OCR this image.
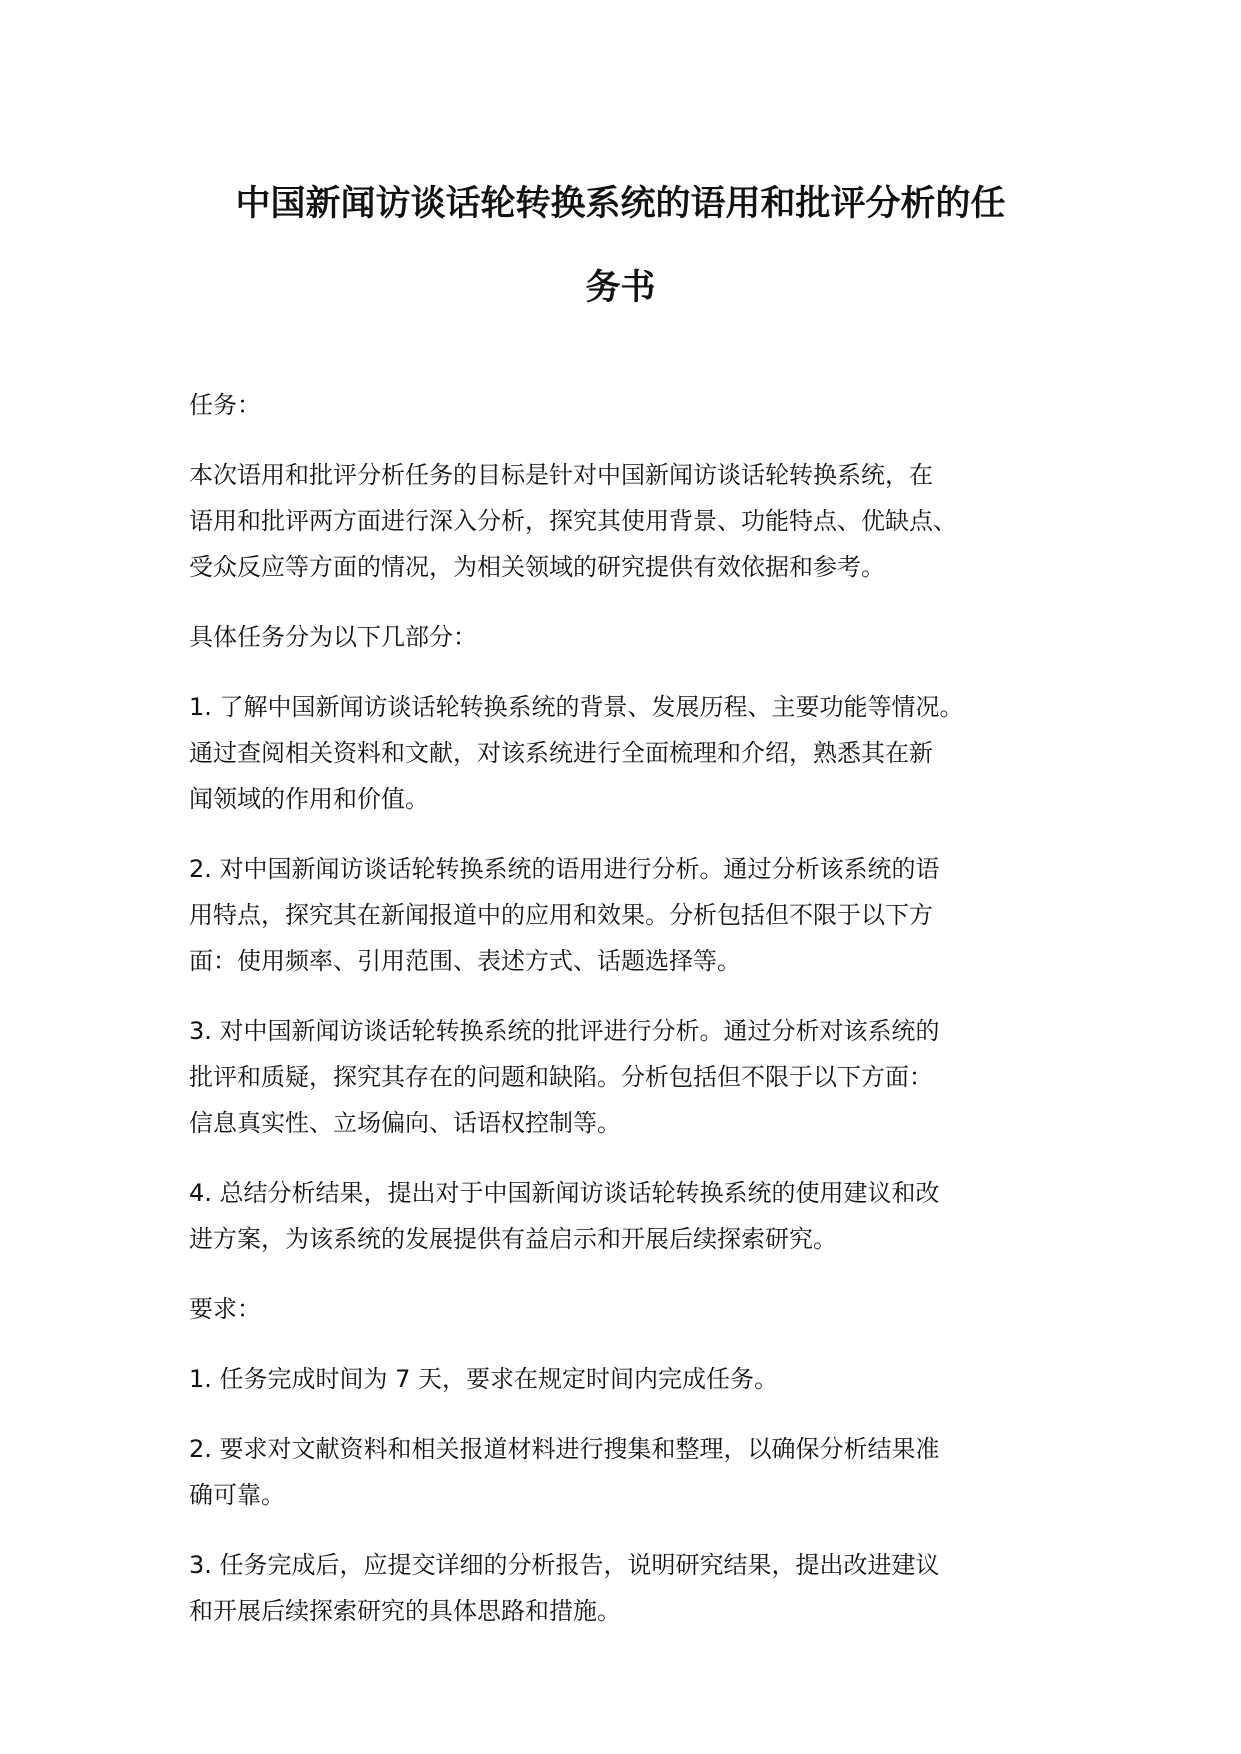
中国新闻访谈话轮转换系统的语用和批评分析的任
务书

任务：

本次语用和批评分析任务的目标是针对中国新闻访谈话轮转换系统，在
语用和批评两方面进行深入分析，探究其使用背景、功能特点、优缺点、
受众反应等方面的情况，为相关领域的研究提供有效依据和参考。

具体任务分为以下几部分：

1. 了解中国新闻访谈话轮转换系统的背景、发展历程、主要功能等情况。
通过查阅相关资料和文献，对该系统进行全面梳理和介绍，熟悉其在新
闻领域的作用和价值。

2. 对中国新闻访谈话轮转换系统的语用进行分析。通过分析该系统的语
用特点，探究其在新闻报道中的应用和效果。分析包括但不限于以下方
面：使用频率、引用范围、表述方式、话题选择等。

3. 对中国新闻访谈话轮转换系统的批评进行分析。通过分析对该系统的
批评和质疑，探究其存在的问题和缺陷。分析包括但不限于以下方面：
信息真实性、立场偏向、话语权控制等。

4. 总结分析结果，提出对于中国新闻访谈话轮转换系统的使用建议和改
进方案，为该系统的发展提供有益启示和开展后续探索研究。

要求：

1. 任务完成时间为 7 天，要求在规定时间内完成任务。

2. 要求对文献资料和相关报道材料进行搜集和整理，以确保分析结果准
确可靠。

3. 任务完成后，应提交详细的分析报告，说明研究结果，提出改进建议
和开展后续探索研究的具体思路和措施。
